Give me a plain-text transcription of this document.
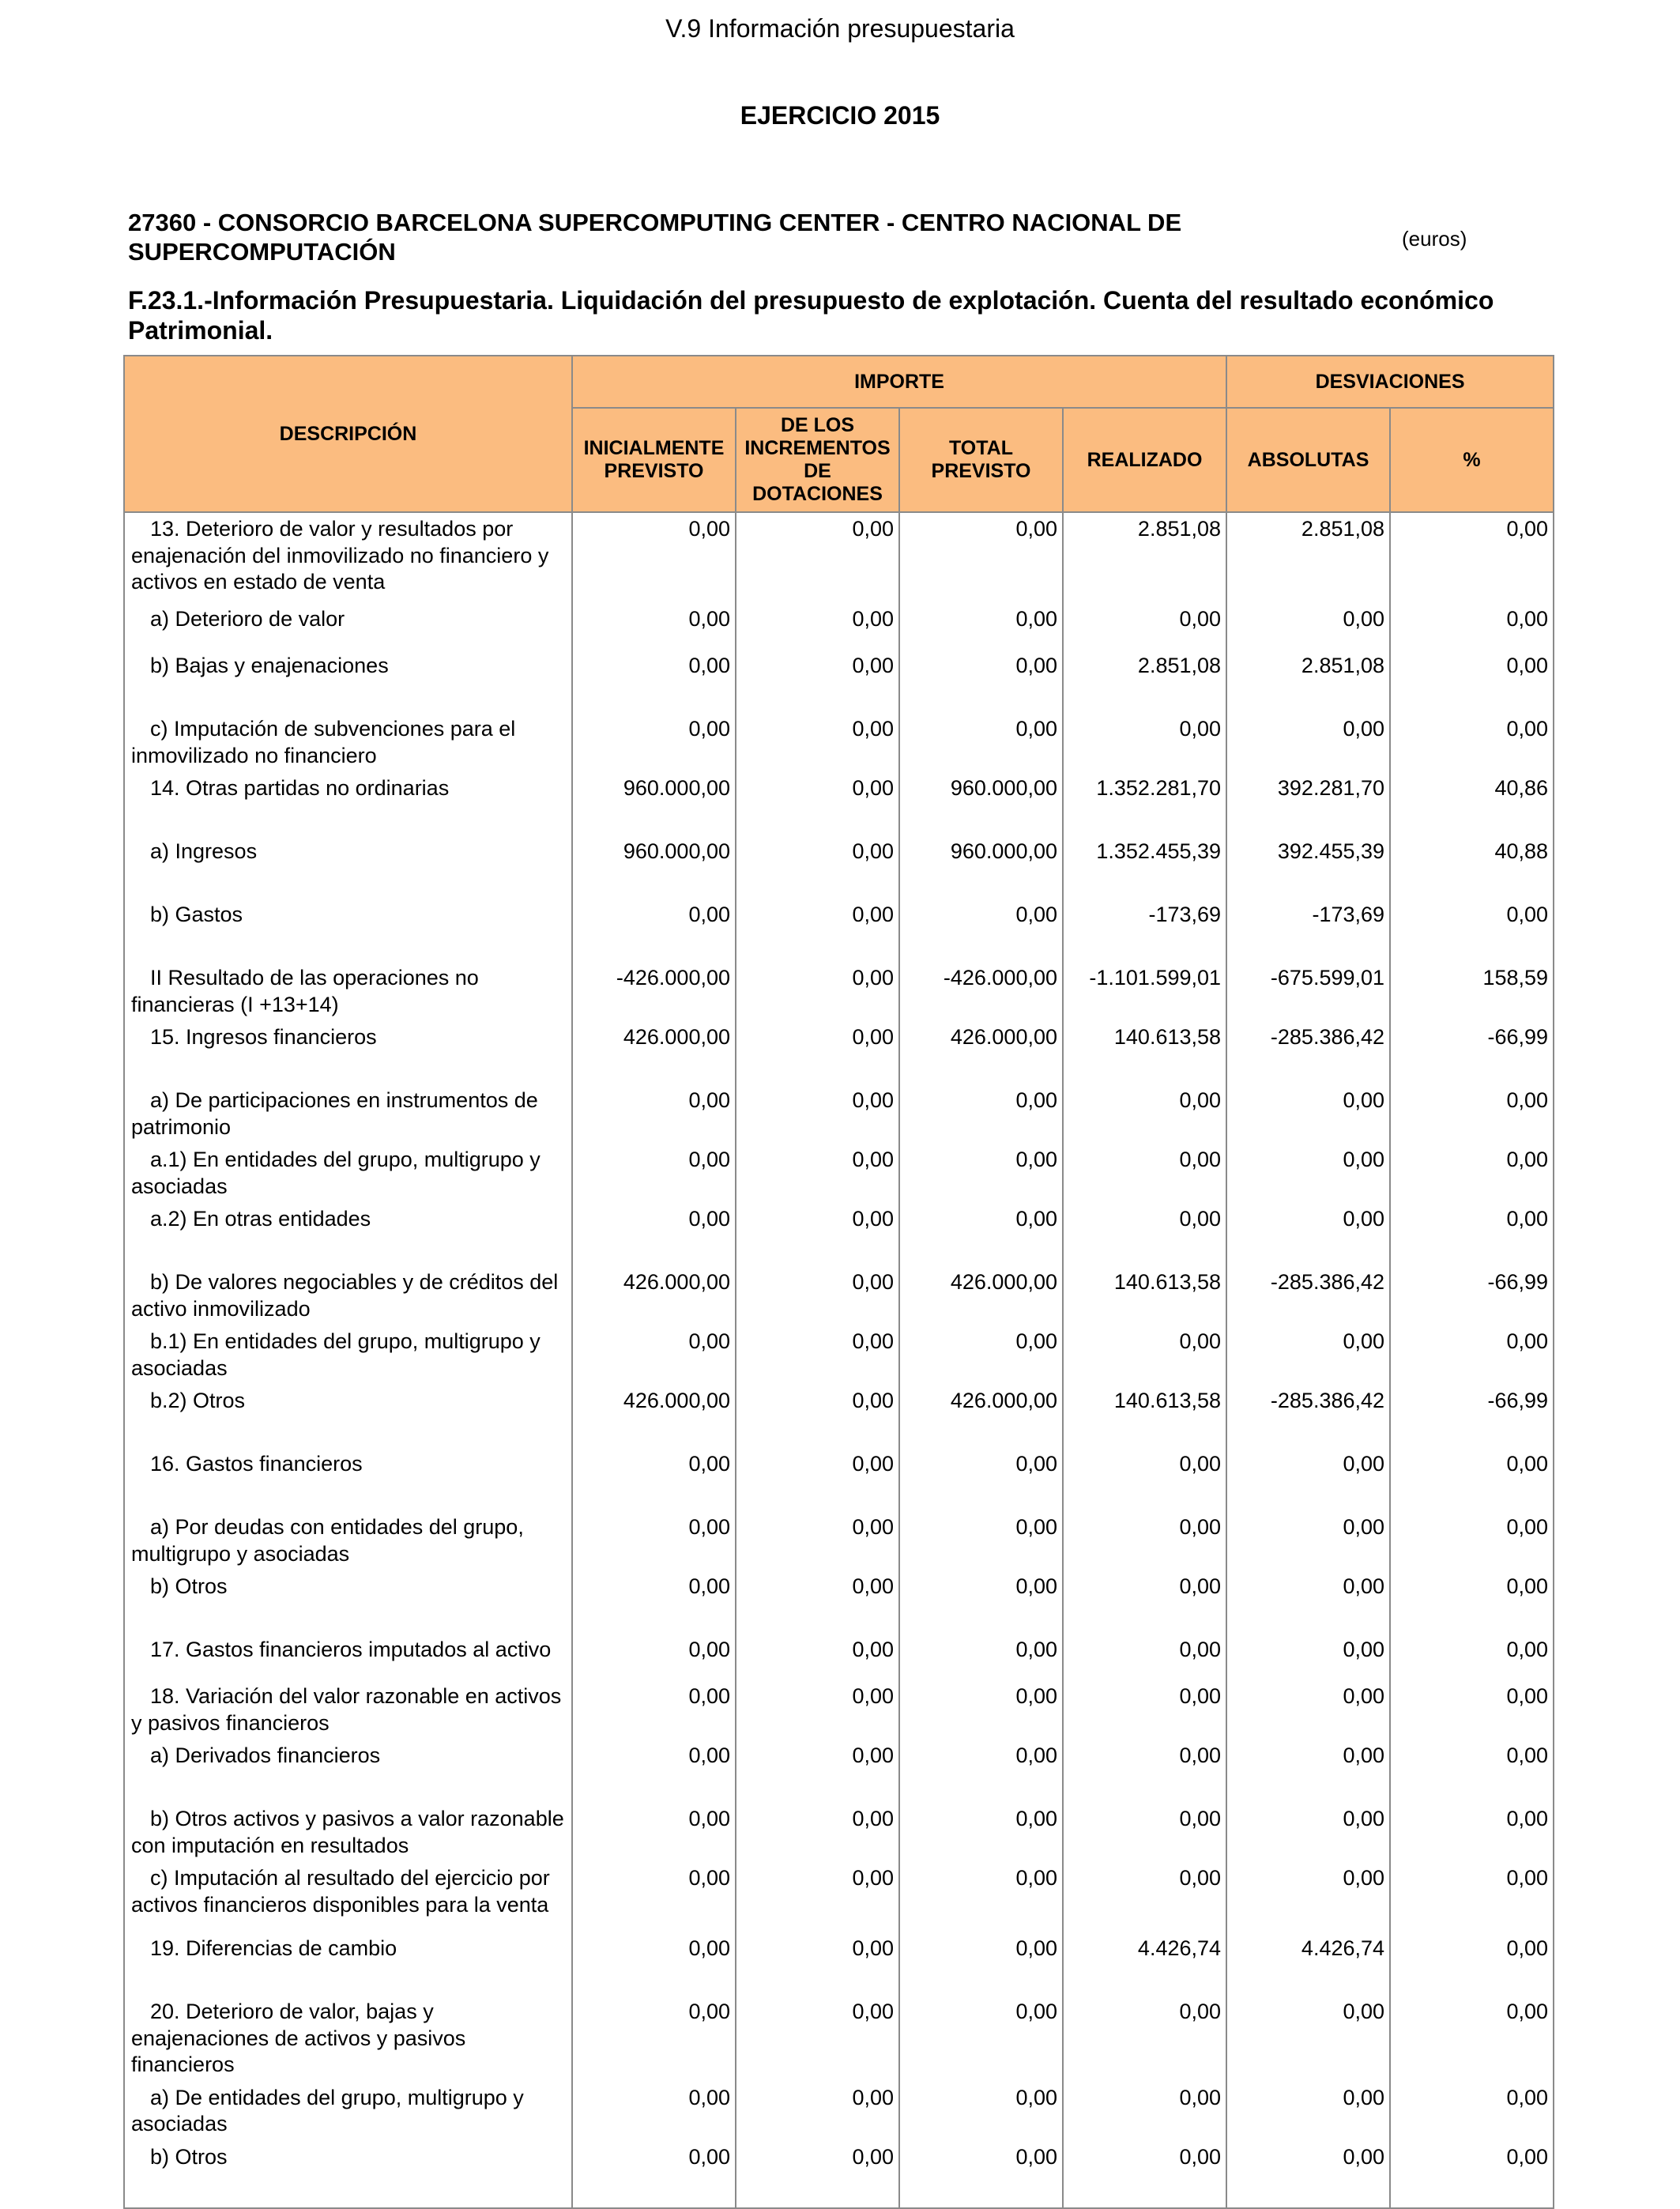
V.9 Información presupuestaria
EJERCICIO 2015
27360 - CONSORCIO BARCELONA SUPERCOMPUTING CENTER - CENTRO NACIONAL DE SUPERCOMPUTACIÓN	(euros)
F.23.1.-Información Presupuestaria. Liquidación del presupuesto de explotación. Cuenta del resultado económico Patrimonial.
DESCRIPCIÓN	IMPORTE				DESVIACIONES	
	INICIALMENTE PREVISTO	DE LOS INCREMENTOS DE DOTACIONES	TOTAL PREVISTO	REALIZADO	ABSOLUTAS	%
13. Deterioro de valor y resultados por enajenación del inmovilizado no financiero y activos en estado de venta	0,00	0,00	0,00	2.851,08	2.851,08	0,00
a) Deterioro de valor	0,00	0,00	0,00	0,00	0,00	0,00
b) Bajas y enajenaciones	0,00	0,00	0,00	2.851,08	2.851,08	0,00
c) Imputación de subvenciones para el inmovilizado no financiero	0,00	0,00	0,00	0,00	0,00	0,00
14. Otras partidas no ordinarias	960.000,00	0,00	960.000,00	1.352.281,70	392.281,70	40,86
a) Ingresos	960.000,00	0,00	960.000,00	1.352.455,39	392.455,39	40,88
b) Gastos	0,00	0,00	0,00	-173,69	-173,69	0,00
II Resultado de las operaciones no financieras (I +13+14)	-426.000,00	0,00	-426.000,00	-1.101.599,01	-675.599,01	158,59
15. Ingresos financieros	426.000,00	0,00	426.000,00	140.613,58	-285.386,42	-66,99
a) De participaciones en instrumentos de patrimonio	0,00	0,00	0,00	0,00	0,00	0,00
a.1) En entidades del grupo, multigrupo y asociadas	0,00	0,00	0,00	0,00	0,00	0,00
a.2) En otras entidades	0,00	0,00	0,00	0,00	0,00	0,00
b) De valores negociables y de créditos del activo inmovilizado	426.000,00	0,00	426.000,00	140.613,58	-285.386,42	-66,99
b.1) En entidades del grupo, multigrupo y asociadas	0,00	0,00	0,00	0,00	0,00	0,00
b.2) Otros	426.000,00	0,00	426.000,00	140.613,58	-285.386,42	-66,99
16. Gastos financieros	0,00	0,00	0,00	0,00	0,00	0,00
a) Por deudas con entidades del grupo, multigrupo y asociadas	0,00	0,00	0,00	0,00	0,00	0,00
b) Otros	0,00	0,00	0,00	0,00	0,00	0,00
17. Gastos financieros imputados al activo	0,00	0,00	0,00	0,00	0,00	0,00
18. Variación del valor razonable en activos y pasivos financieros	0,00	0,00	0,00	0,00	0,00	0,00
a) Derivados financieros	0,00	0,00	0,00	0,00	0,00	0,00
b) Otros activos y pasivos a valor razonable con imputación en resultados	0,00	0,00	0,00	0,00	0,00	0,00
c) Imputación al resultado del ejercicio por activos financieros disponibles para la venta	0,00	0,00	0,00	0,00	0,00	0,00
19. Diferencias de cambio	0,00	0,00	0,00	4.426,74	4.426,74	0,00
20. Deterioro de valor, bajas y enajenaciones de activos y pasivos financieros	0,00	0,00	0,00	0,00	0,00	0,00
a) De entidades del grupo, multigrupo y asociadas	0,00	0,00	0,00	0,00	0,00	0,00
b) Otros	0,00	0,00	0,00	0,00	0,00	0,00
